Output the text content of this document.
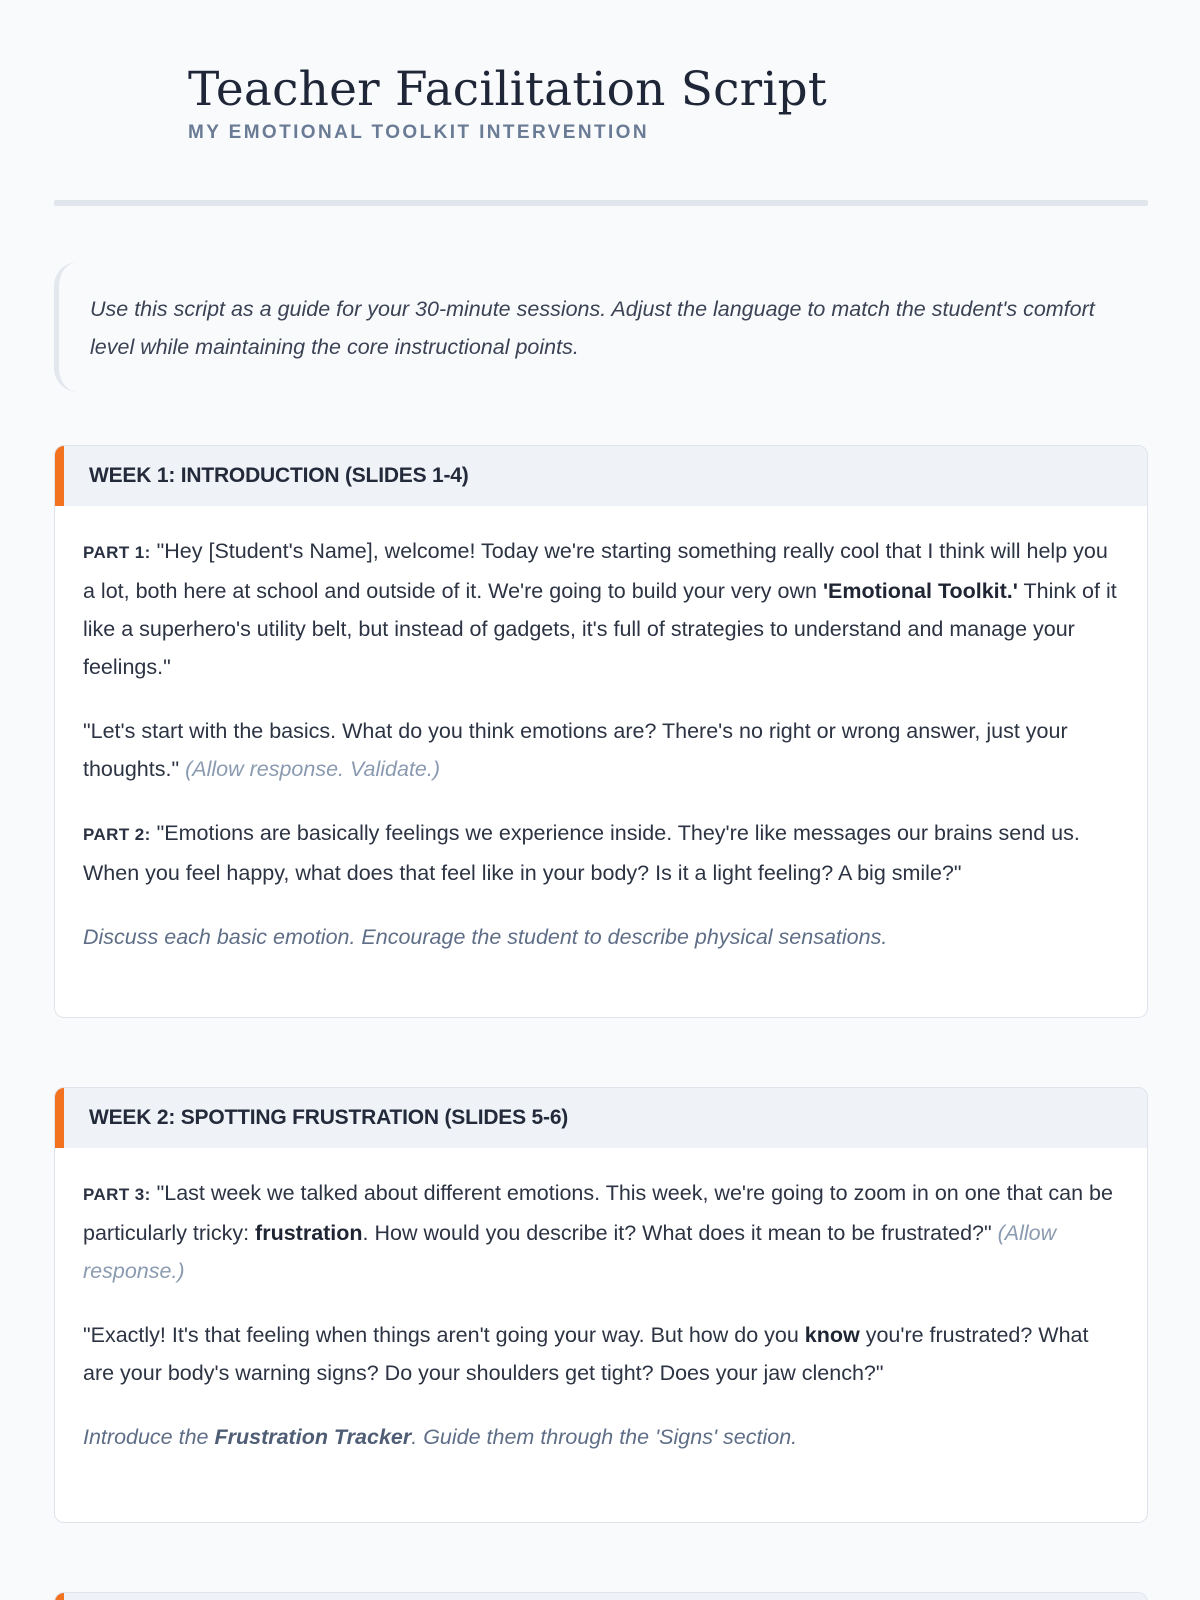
Teacher Facilitation Script
MY EMOTIONAL TOOLKIT INTERVENTION

Use this script as a guide for your 30-minute sessions. Adjust the language to match the student's comfort level while maintaining the core instructional points.

WEEK 1: INTRODUCTION (SLIDES 1-4)

PART 1: "Hey [Student's Name], welcome! Today we're starting something really cool that I think will help you a lot, both here at school and outside of it. We're going to build your very own 'Emotional Toolkit.' Think of it like a superhero's utility belt, but instead of gadgets, it's full of strategies to understand and manage your feelings."

"Let's start with the basics. What do you think emotions are? There's no right or wrong answer, just your thoughts." (Allow response. Validate.)

PART 2: "Emotions are basically feelings we experience inside. They're like messages our brains send us. When you feel happy, what does that feel like in your body? Is it a light feeling? A big smile?"

Discuss each basic emotion. Encourage the student to describe physical sensations.

WEEK 2: SPOTTING FRUSTRATION (SLIDES 5-6)

PART 3: "Last week we talked about different emotions. This week, we're going to zoom in on one that can be particularly tricky: frustration. How would you describe it? What does it mean to be frustrated?" (Allow response.)

"Exactly! It's that feeling when things aren't going your way. But how do you know you're frustrated? What are your body's warning signs? Do your shoulders get tight? Does your jaw clench?"

Introduce the Frustration Tracker. Guide them through the 'Signs' section.
